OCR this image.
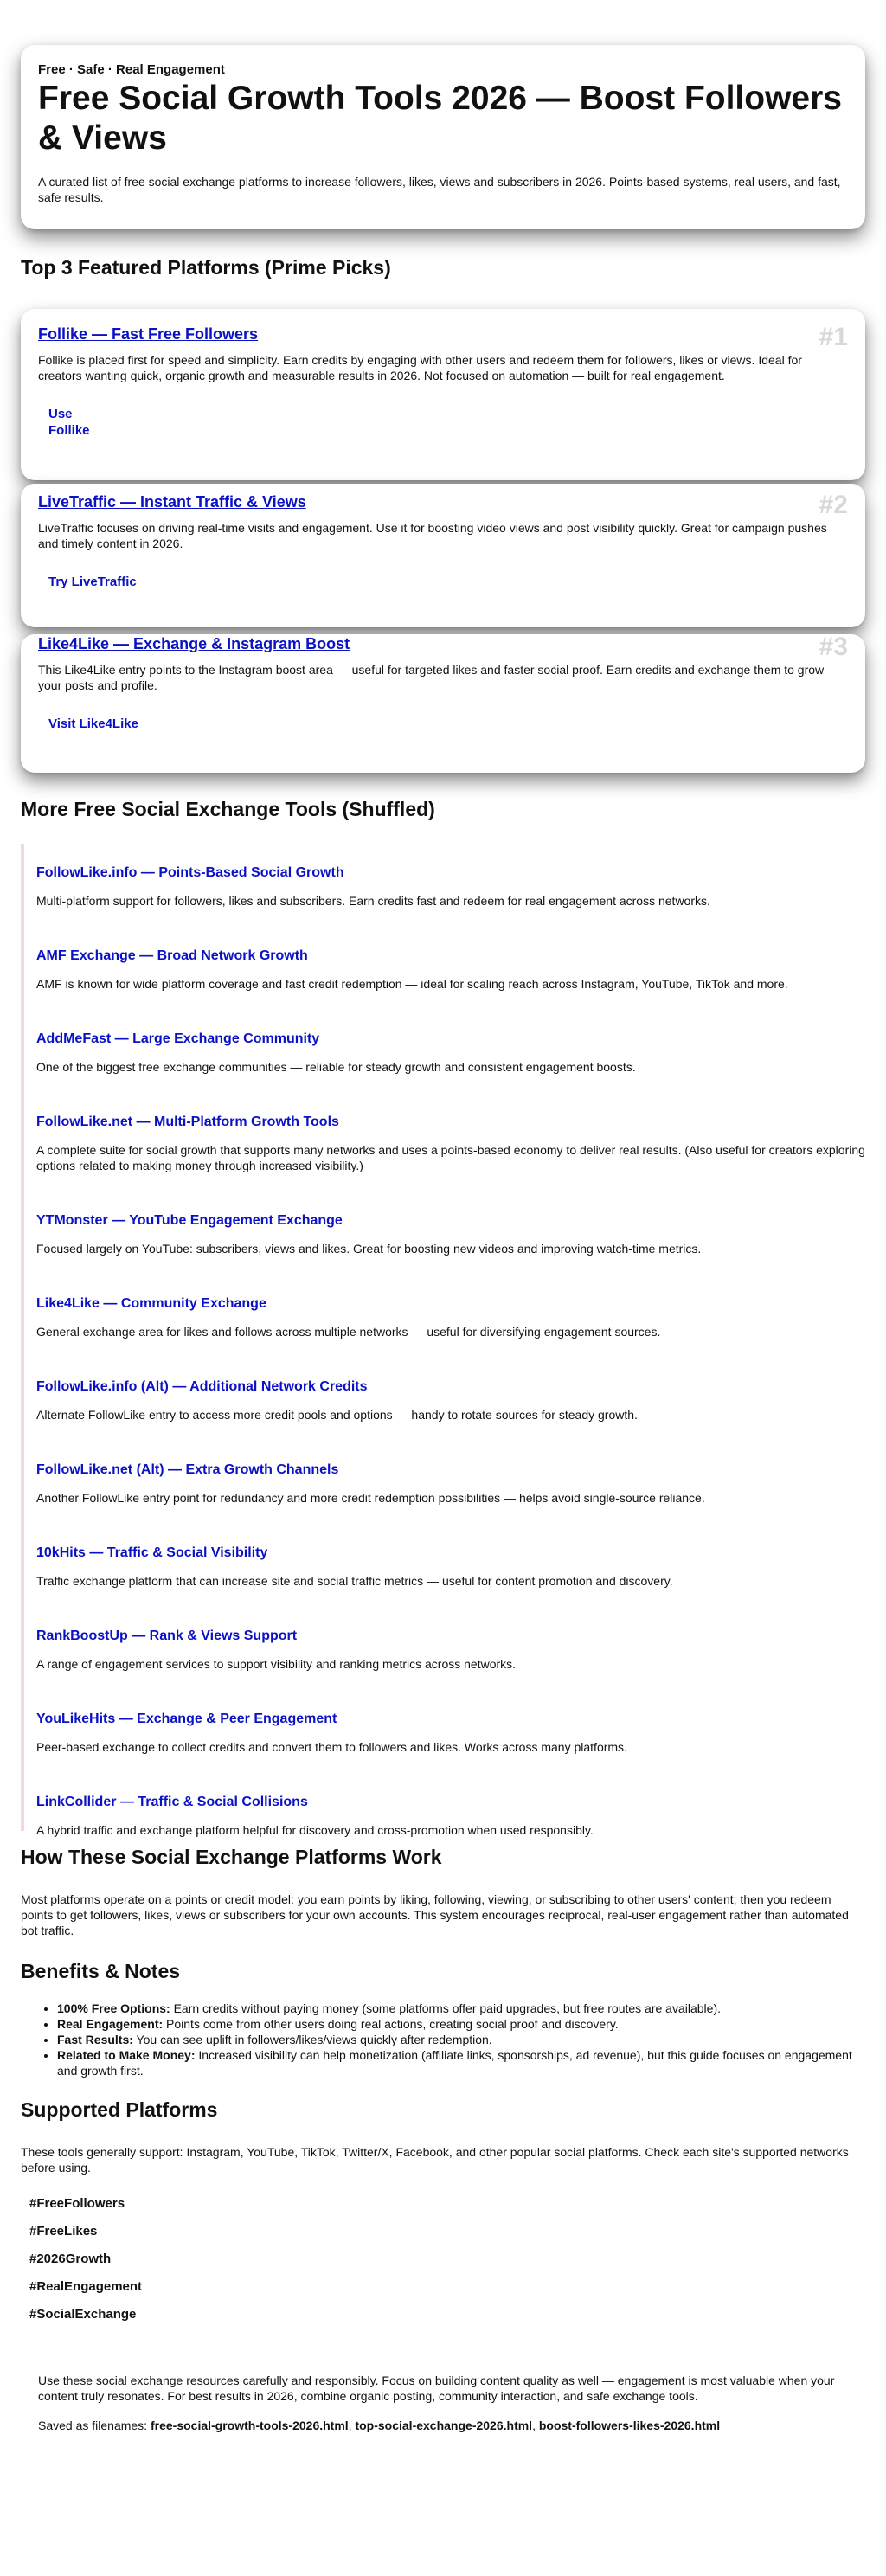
Free · Safe · Real Engagement

Free Social Growth Tools 2026 — Boost Followers & Views

A curated list of free social exchange platforms to increase followers, likes, views and subscribers in 2026. Points-based systems, real users, and fast, safe results.

Top 3 Featured Platforms (Prime Picks)
#1
Follike — Fast Free Followers

Follike is placed first for speed and simplicity. Earn credits by engaging with other users and redeem them for followers, likes or views. Ideal for creators wanting quick, organic growth and measurable results in 2026. Not focused on automation — built for real engagement.

Use Follike
#2
LiveTraffic — Instant Traffic & Views

LiveTraffic focuses on driving real-time visits and engagement. Use it for boosting video views and post visibility quickly. Great for campaign pushes and timely content in 2026.

Try LiveTraffic
#3
Like4Like — Exchange & Instagram Boost

This Like4Like entry points to the Instagram boost area — useful for targeted likes and faster social proof. Earn credits and exchange them to grow your posts and profile.

Visit Like4Like
More Free Social Exchange Tools (Shuffled)
FollowLike.info — Points-Based Social Growth

Multi-platform support for followers, likes and subscribers. Earn credits fast and redeem for real engagement across networks.

AMF Exchange — Broad Network Growth

AMF is known for wide platform coverage and fast credit redemption — ideal for scaling reach across Instagram, YouTube, TikTok and more.

AddMeFast — Large Exchange Community

One of the biggest free exchange communities — reliable for steady growth and consistent engagement boosts.

FollowLike.net — Multi-Platform Growth Tools

A complete suite for social growth that supports many networks and uses a points-based economy to deliver real results. (Also useful for creators exploring options related to making money through increased visibility.)

YTMonster — YouTube Engagement Exchange

Focused largely on YouTube: subscribers, views and likes. Great for boosting new videos and improving watch-time metrics.

Like4Like — Community Exchange

General exchange area for likes and follows across multiple networks — useful for diversifying engagement sources.

FollowLike.info (Alt) — Additional Network Credits

Alternate FollowLike entry to access more credit pools and options — handy to rotate sources for steady growth.

FollowLike.net (Alt) — Extra Growth Channels

Another FollowLike entry point for redundancy and more credit redemption possibilities — helps avoid single-source reliance.

10kHits — Traffic & Social Visibility

Traffic exchange platform that can increase site and social traffic metrics — useful for content promotion and discovery.

RankBoostUp — Rank & Views Support

A range of engagement services to support visibility and ranking metrics across networks.

YouLikeHits — Exchange & Peer Engagement

Peer-based exchange to collect credits and convert them to followers and likes. Works across many platforms.

LinkCollider — Traffic & Social Collisions

A hybrid traffic and exchange platform helpful for discovery and cross-promotion when used responsibly.

How These Social Exchange Platforms Work

Most platforms operate on a points or credit model: you earn points by liking, following, viewing, or subscribing to other users' content; then you redeem points to get followers, likes, views or subscribers for your own accounts. This system encourages reciprocal, real-user engagement rather than automated bot traffic.

Benefits & Notes
• 100% Free Options: Earn credits without paying money (some platforms offer paid upgrades, but free routes are available).
• Real Engagement: Points come from other users doing real actions, creating social proof and discovery.
• Fast Results: You can see uplift in followers/likes/views quickly after redemption.
• Related to Make Money: Increased visibility can help monetization (affiliate links, sponsorships, ad revenue), but this guide focuses on engagement and growth first.
Supported Platforms

These tools generally support: Instagram, YouTube, TikTok, Twitter/X, Facebook, and other popular social platforms. Check each site's supported networks before using.

#FreeFollowers

#FreeLikes

#2026Growth

#RealEngagement

#SocialExchange

Use these social exchange resources carefully and responsibly. Focus on building content quality as well — engagement is most valuable when your content truly resonates. For best results in 2026, combine organic posting, community interaction, and safe exchange tools.

Saved as filenames: free-social-growth-tools-2026.html, top-social-exchange-2026.html, boost-followers-likes-2026.html
